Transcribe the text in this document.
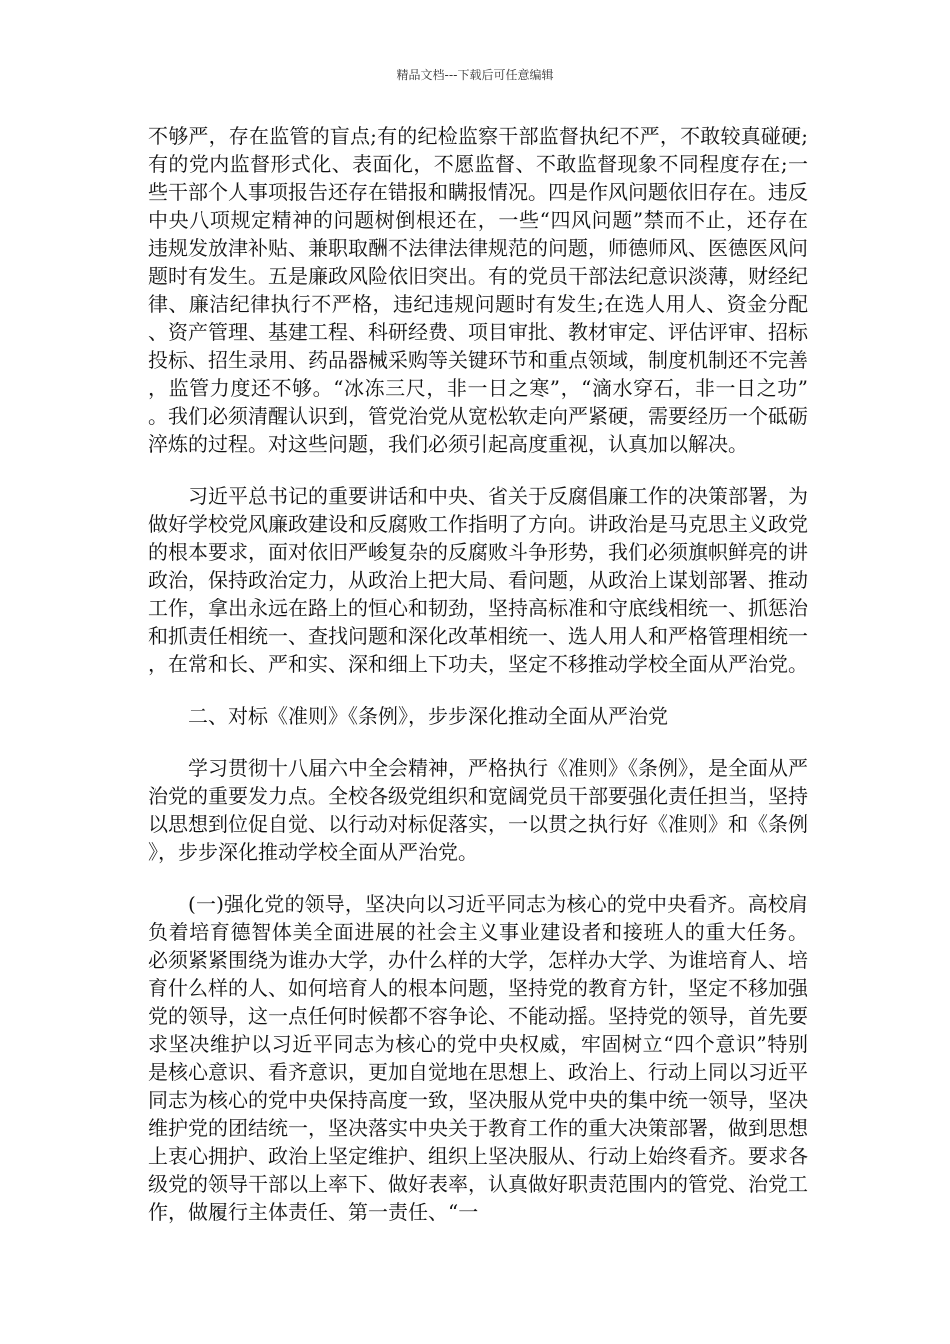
精品文档---下载后可任意编辑

不够严，存在监管的盲点;有的纪检监察干部监督执纪不严，不敢较真碰硬;有的党内监督形式化、表面化，不愿监督、不敢监督现象不同程度存在;一些干部个人事项报告还存在错报和瞒报情况。四是作风问题依旧存在。违反中央八项规定精神的问题树倒根还在，一些“四风问题”禁而不止，还存在违规发放津补贴、兼职取酬不法律法律规范的问题，师德师风、医德医风问题时有发生。五是廉政风险依旧突出。有的党员干部法纪意识淡薄，财经纪律、廉洁纪律执行不严格，违纪违规问题时有发生;在选人用人、资金分配、资产管理、基建工程、科研经费、项目审批、教材审定、评估评审、招标投标、招生录用、药品器械采购等关键环节和重点领域，制度机制还不完善，监管力度还不够。“冰冻三尺，非一日之寒”，“滴水穿石，非一日之功”。我们必须清醒认识到，管党治党从宽松软走向严紧硬，需要经历一个砥砺淬炼的过程。对这些问题，我们必须引起高度重视，认真加以解决。

习近平总书记的重要讲话和中央、省关于反腐倡廉工作的决策部署，为做好学校党风廉政建设和反腐败工作指明了方向。讲政治是马克思主义政党的根本要求，面对依旧严峻复杂的反腐败斗争形势，我们必须旗帜鲜亮的讲政治，保持政治定力，从政治上把大局、看问题，从政治上谋划部署、推动工作，拿出永远在路上的恒心和韧劲，坚持高标准和守底线相统一、抓惩治和抓责任相统一、查找问题和深化改革相统一、选人用人和严格管理相统一，在常和长、严和实、深和细上下功夫，坚定不移推动学校全面从严治党。

二、对标《准则》《条例》，步步深化推动全面从严治党

学习贯彻十八届六中全会精神，严格执行《准则》《条例》，是全面从严治党的重要发力点。全校各级党组织和宽阔党员干部要强化责任担当，坚持以思想到位促自觉、以行动对标促落实，一以贯之执行好《准则》和《条例》，步步深化推动学校全面从严治党。

(一)强化党的领导，坚决向以习近平同志为核心的党中央看齐。高校肩负着培育德智体美全面进展的社会主义事业建设者和接班人的重大任务。 必须紧紧围绕为谁办大学，办什么样的大学，怎样办大学、为谁培育人、培育什么样的人、如何培育人的根本问题，坚持党的教育方针，坚定不移加强党的领导，这一点任何时候都不容争论、不能动摇。坚持党的领导，首先要求坚决维护以习近平同志为核心的党中央权威，牢固树立“四个意识”特别是核心意识、看齐意识，更加自觉地在思想上、政治上、行动上同以习近平同志为核心的党中央保持高度一致，坚决服从党中央的集中统一领导，坚决维护党的团结统一，坚决落实中央关于教育工作的重大决策部署，做到思想上衷心拥护、政治上坚定维护、组织上坚决服从、行动上始终看齐。要求各级党的领导干部以上率下、做好表率，认真做好职责范围内的管党、治党工作，做履行主体责任、第一责任、“一
